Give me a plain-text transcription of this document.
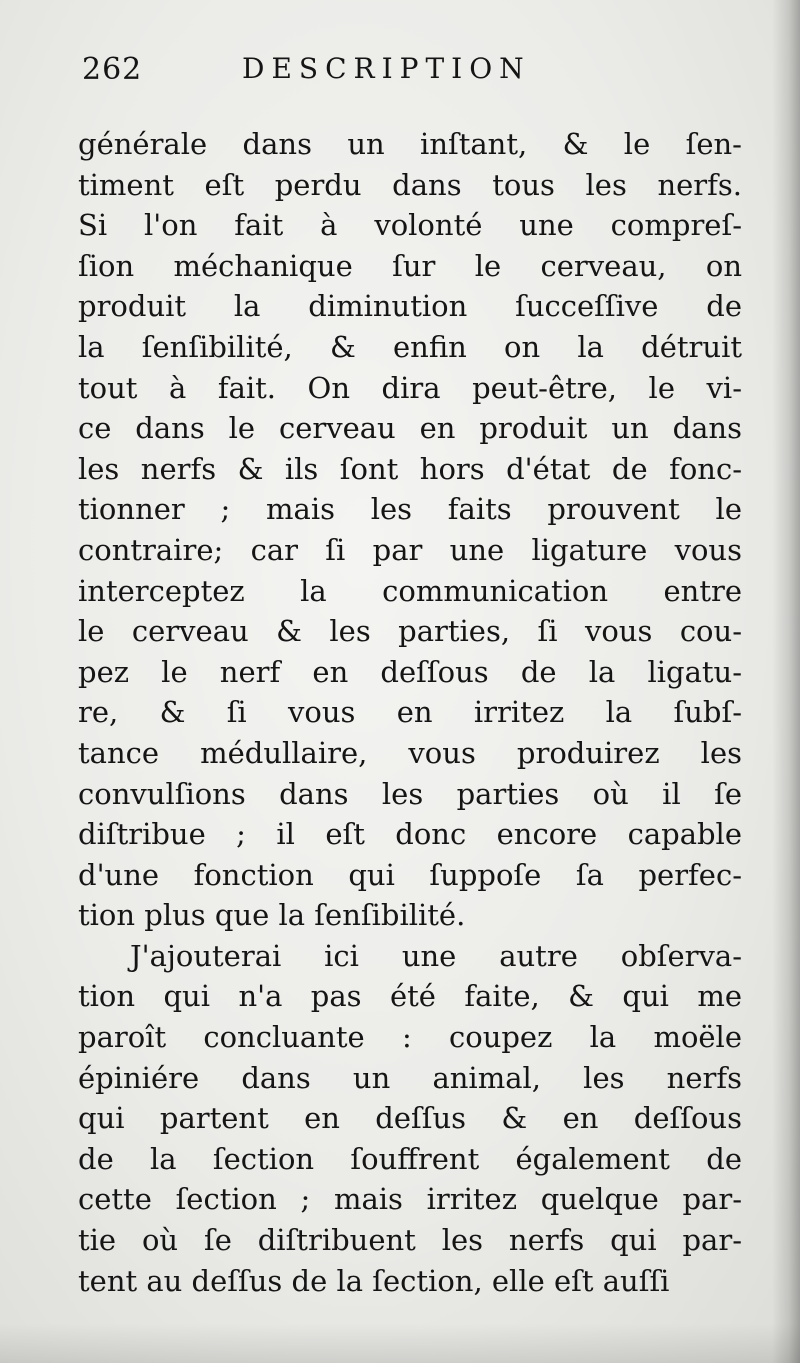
262	DESCRIPTION
générale dans un inſtant, & le ſen-
timent eſt perdu dans tous les nerfs.
Si l'on fait à volonté une compreſ-
ſion méchanique ſur le cerveau, on
produit la diminution ſucceſſive de
la ſenſibilité, & enfin on la détruit
tout à fait. On dira peut-être, le vi-
ce dans le cerveau en produit un dans
les nerfs & ils ſont hors d'état de fonc-
tionner ; mais les faits prouvent le
contraire; car ſi par une ligature vous
interceptez la communication entre
le cerveau & les parties, ſi vous cou-
pez le nerf en deſſous de la ligatu-
re, & ſi vous en irritez la ſubſ-
tance médullaire, vous produirez les
convulſions dans les parties où il ſe
diſtribue ; il eſt donc encore capable
d'une fonction qui ſuppoſe ſa perfec-
tion plus que la ſenſibilité.
J'ajouterai ici une autre obſerva-
tion qui n'a pas été faite, & qui me
paroît concluante : coupez la moële
épiniére dans un animal, les nerfs
qui partent en deſſus & en deſſous
de la ſection ſouffrent également de
cette ſection ; mais irritez quelque par-
tie où ſe diſtribuent les nerfs qui par-
tent au deſſus de la ſection, elle eſt auſſi
